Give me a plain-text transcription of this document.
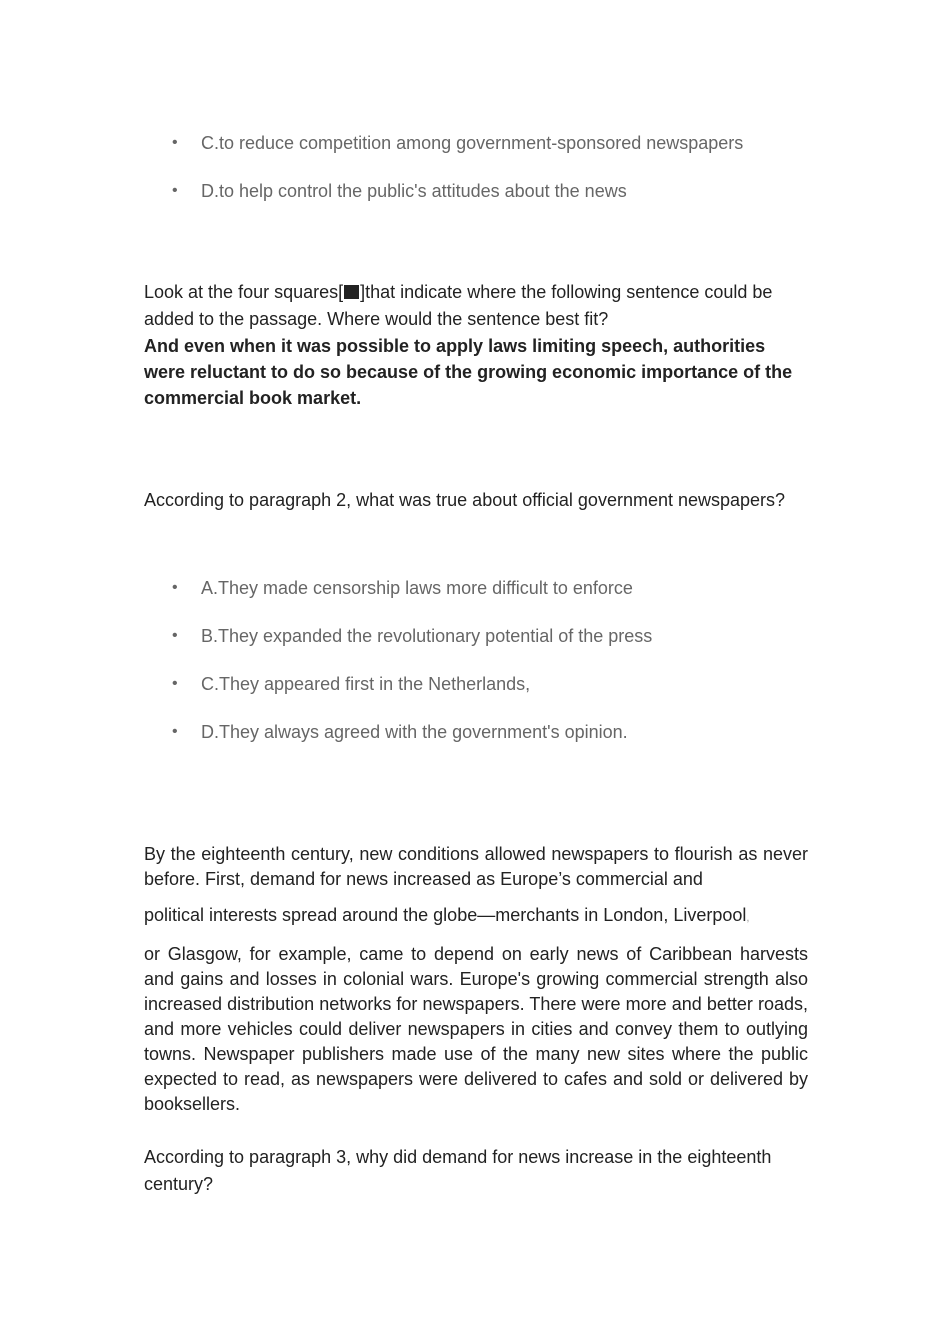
• C.to reduce competition among government-sponsored newspapers
• D.to help control the public's attitudes about the news
Look at the four squares[ ]that indicate where the following sentence could be added to the passage. Where would the sentence best fit?
And even when it was possible to apply laws limiting speech, authorities were reluctant to do so because of the growing economic importance of the commercial book market.
According to paragraph 2, what was true about official government newspapers?
• A.They made censorship laws more difficult to enforce
• B.They expanded the revolutionary potential of the press
• C.They appeared first in the Netherlands,
• D.They always agreed with the government's opinion.
By the eighteenth century, new conditions allowed newspapers to flourish as never before. First, demand for news increased as Europe’s commercial and
political interests spread around the globe—merchants in London, Liverpool,
or Glasgow, for example, came to depend on early news of Caribbean harvests and gains and losses in colonial wars. Europe's growing commercial strength also increased distribution networks for newspapers. There were more and better roads, and more vehicles could deliver newspapers in cities and convey them to outlying towns. Newspaper publishers made use of the many new sites where the public expected to read, as newspapers were delivered to cafes and sold or delivered by booksellers.
According to paragraph 3, why did demand for news increase in the eighteenth century?
